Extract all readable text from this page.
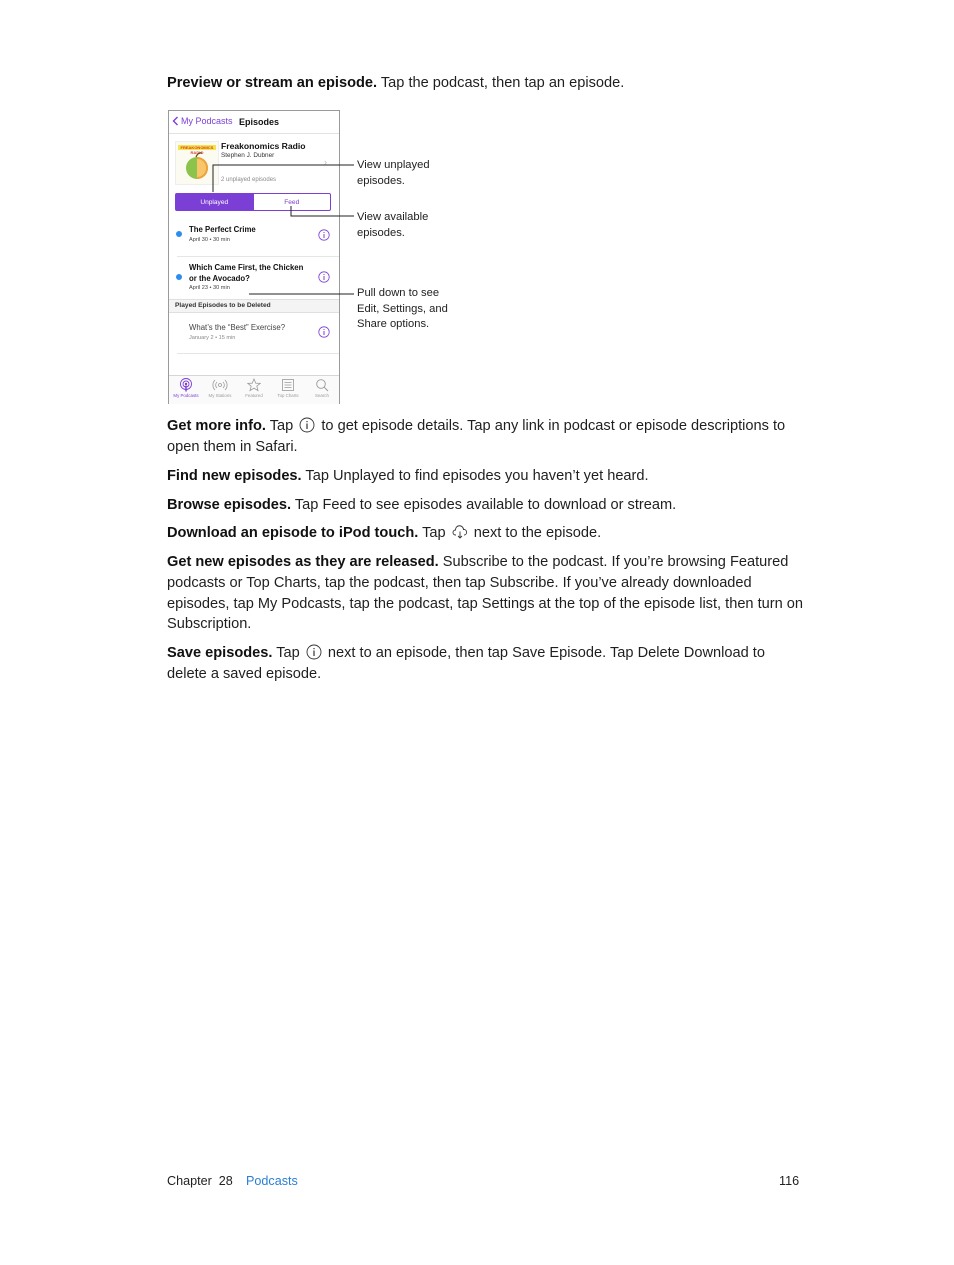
Preview or stream an episode. Tap the podcast, then tap an episode.

My Podcasts Episodes
FREAKONOMICS RADIO
Freakonomics Radio
Stephen J. Dubner
›
2 unplayed episodes
Unplayed	Feed
The Perfect Crime
April 30 • 30 min
Which Came First, the Chicken or the Avocado?
April 23 • 30 min
Played Episodes to be Deleted
What’s the “Best” Exercise?
January 2 • 15 min
My Podcasts	My Stations	Featured	Top Charts	Search
View unplayed
episodes.
View available
episodes.
Pull down to see
Edit, Settings, and
Share options.

Get more info. Tap  to get episode details. Tap any link in podcast or episode descriptions to open them in Safari.

Find new episodes. Tap Unplayed to find episodes you haven’t yet heard.

Browse episodes. Tap Feed to see episodes available to download or stream.

Download an episode to iPod touch. Tap  next to the episode.

Get new episodes as they are released. Subscribe to the podcast. If you’re browsing Featured podcasts or Top Charts, tap the podcast, then tap Subscribe. If you’ve already downloaded episodes, tap My Podcasts, tap the podcast, tap Settings at the top of the episode list, then turn on Subscription.

Save episodes. Tap  next to an episode, then tap Save Episode. Tap Delete Download to delete a saved episode.

Chapter  28 Podcasts	116
